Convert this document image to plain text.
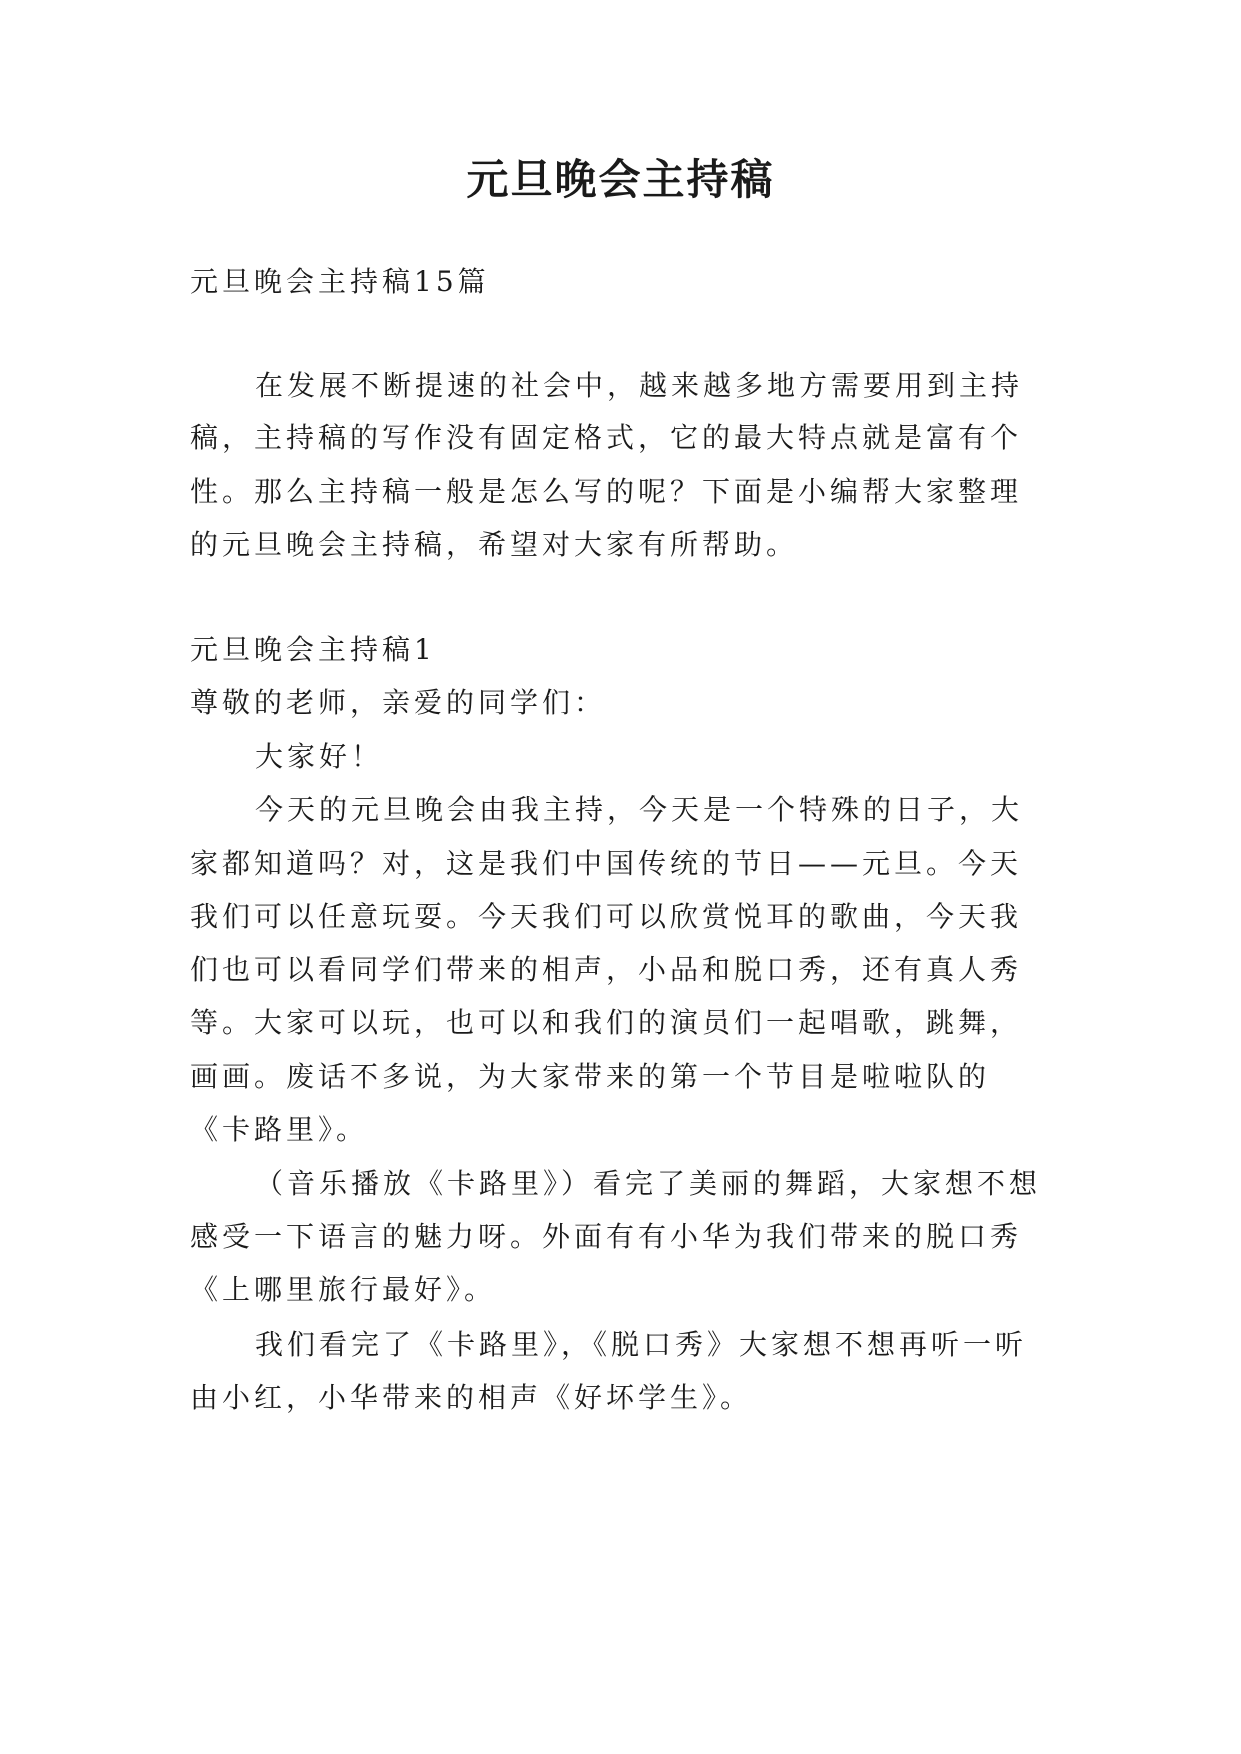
元旦晚会主持稿
元旦晚会主持稿15篇
在发展不断提速的社会中，越来越多地方需要用到主持
稿，主持稿的写作没有固定格式，它的最大特点就是富有个
性。那么主持稿一般是怎么写的呢？下面是小编帮大家整理
的元旦晚会主持稿，希望对大家有所帮助。
元旦晚会主持稿1
尊敬的老师，亲爱的同学们：
大家好！
今天的元旦晚会由我主持，今天是一个特殊的日子，大
家都知道吗？对，这是我们中国传统的节日——元旦。今天
我们可以任意玩耍。今天我们可以欣赏悦耳的歌曲，今天我
们也可以看同学们带来的相声，小品和脱口秀，还有真人秀
等。大家可以玩，也可以和我们的演员们一起唱歌，跳舞，
画画。废话不多说，为大家带来的第一个节目是啦啦队的
《卡路里》。
（音乐播放《卡路里》）看完了美丽的舞蹈，大家想不想
感受一下语言的魅力呀。外面有有小华为我们带来的脱口秀
《上哪里旅行最好》。
我们看完了《卡路里》，《脱口秀》大家想不想再听一听
由小红，小华带来的相声《好坏学生》。
